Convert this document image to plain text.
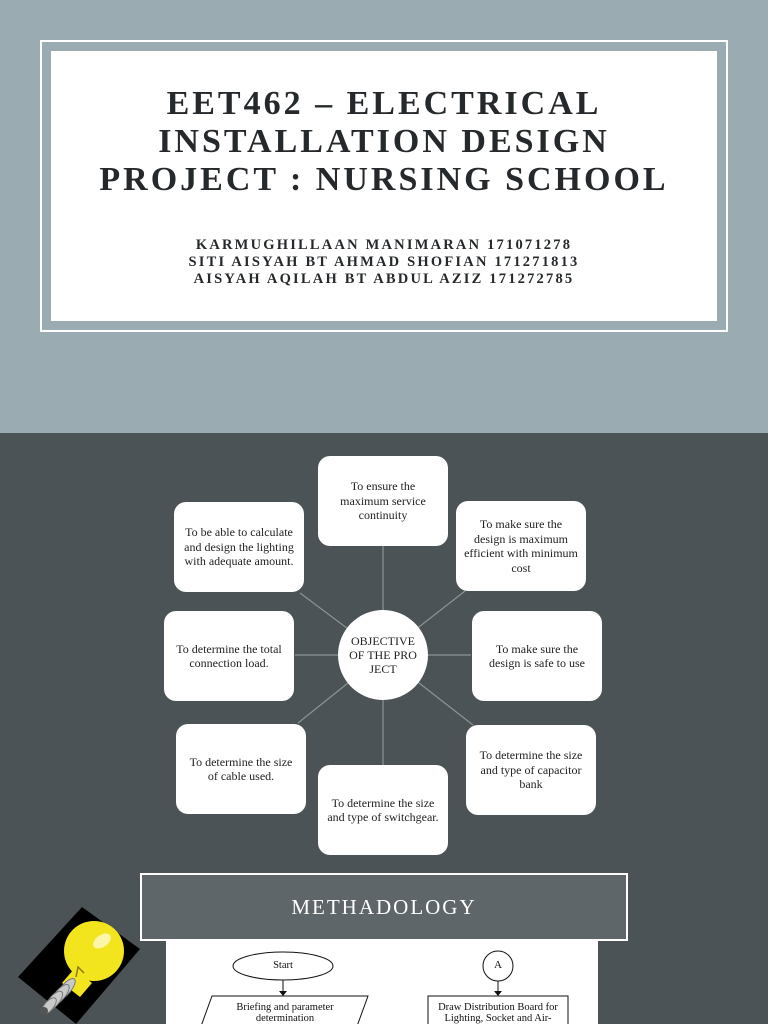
EET462 – ELECTRICAL
INSTALLATION DESIGN
PROJECT : NURSING SCHOOL
KARMUGHILLAAN MANIMARAN 171071278
SITI AISYAH BT AHMAD SHOFIAN 171271813
AISYAH AQILAH BT ABDUL AZIZ 171272785
To ensure the maximum service continuity
To make sure the design is maximum efficient with minimum cost
To make sure the design is safe to use
To determine the size and type of capacitor bank
To determine the size and type of switchgear.
To determine the size of cable used.
To determine the total connection load.
To be able to calculate and design the lighting with adequate amount.
OBJECTIVE OF THE PROJECT
METHADOLOGY
Start	A
Briefing and parameter determination
Draw Distribution Board for Lighting, Socket and Air-
